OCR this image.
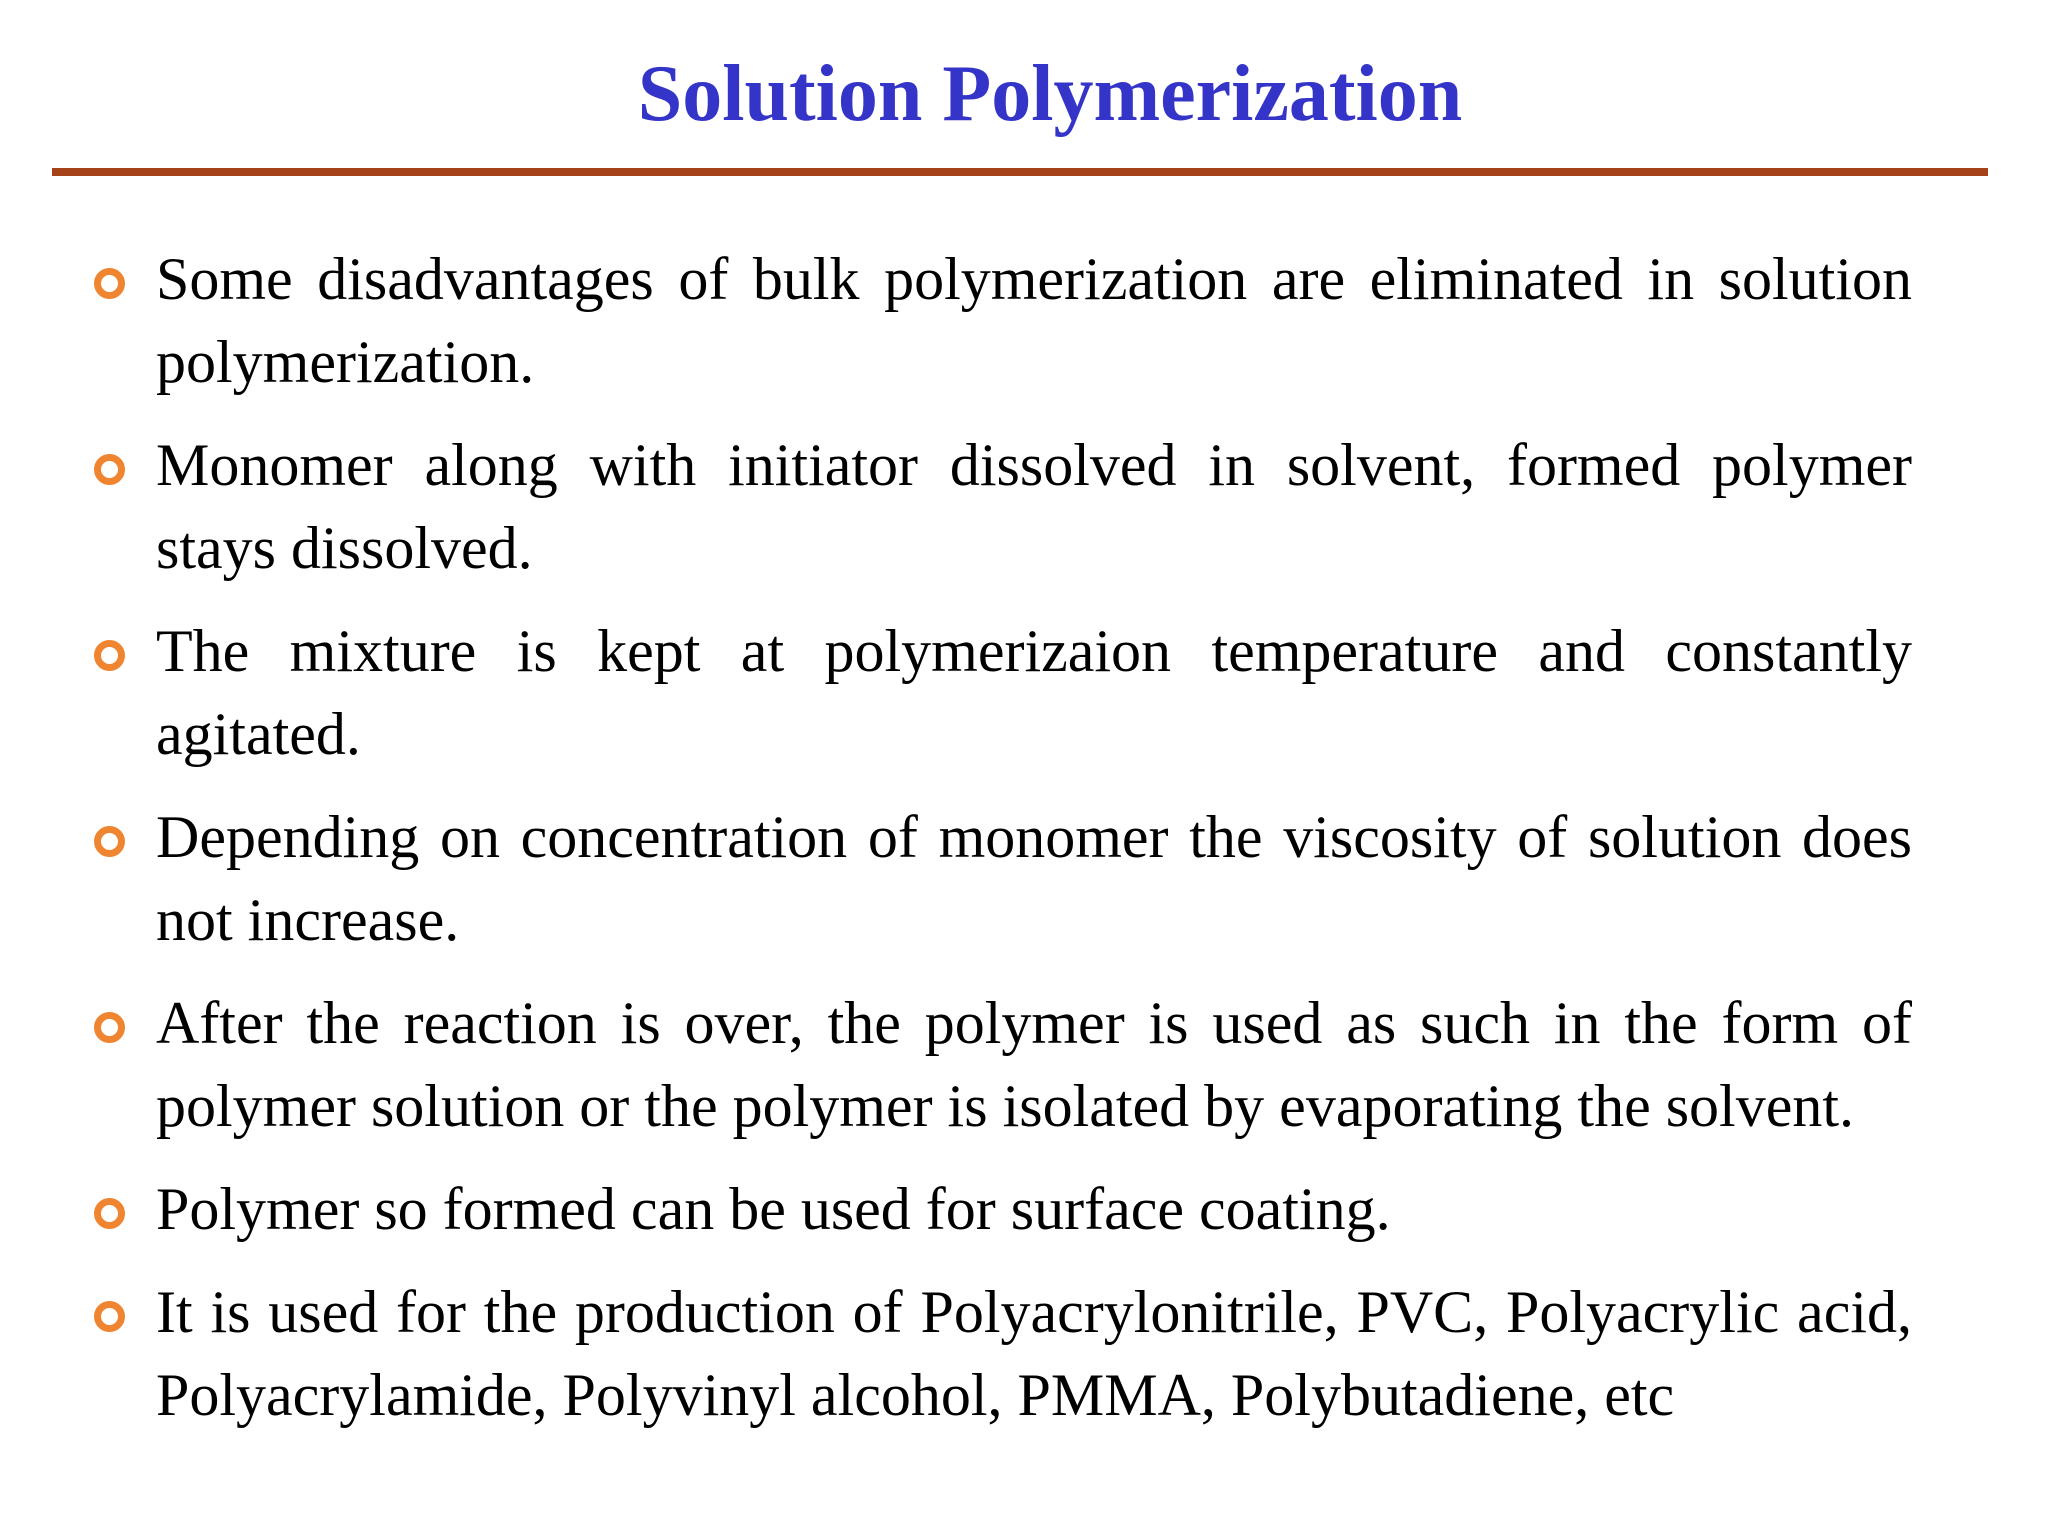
Solution Polymerization
Some disadvantages of bulk polymerization are eliminated in solution polymerization.
Monomer along with initiator dissolved in solvent, formed polymer stays dissolved.
The mixture is kept at polymerizaion temperature and constantly agitated.
Depending on concentration of monomer the viscosity of solution does not increase.
After the reaction is over, the polymer is used as such in the form of polymer solution or the polymer is isolated by evaporating the solvent.
Polymer so formed can be used for surface coating.
It is used for the production of Polyacrylonitrile, PVC, Polyacrylic acid, Polyacrylamide, Polyvinyl alcohol, PMMA, Polybutadiene, etc
